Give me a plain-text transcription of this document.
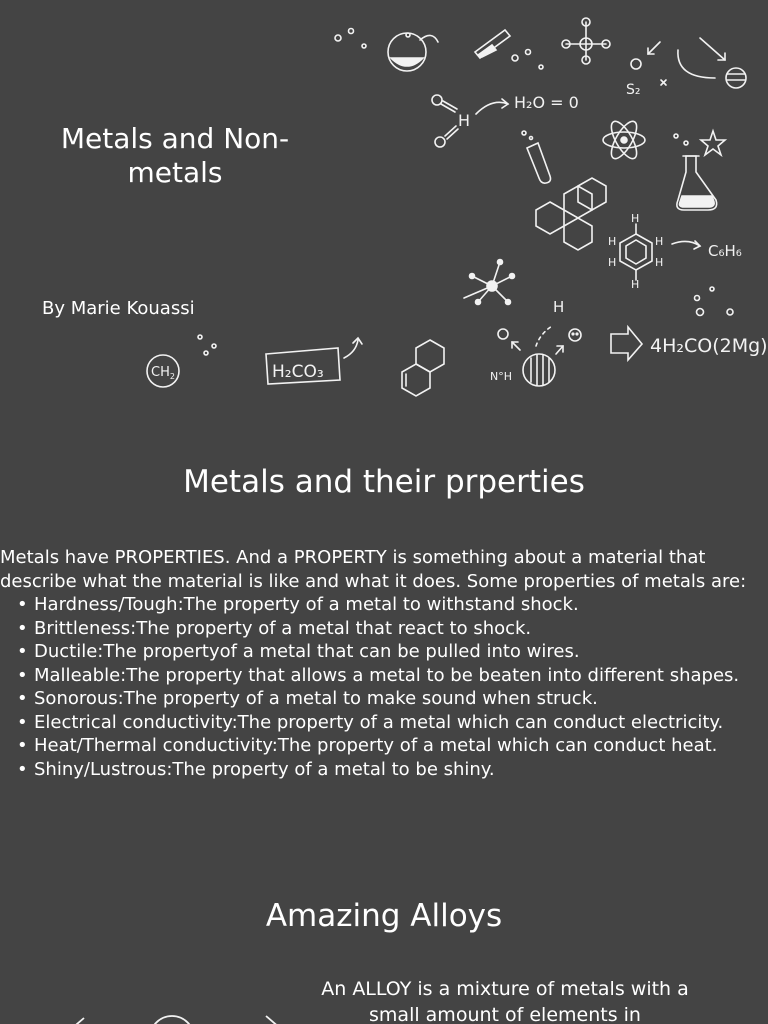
Metals and Non-metals
By Marie Kouassi
S₂
H
H₂O = 0
H
H
H	H
H	H
C₆H₆
H
N°H
$CH_2$	H₂CO₃
4H₂CO(2Mg)
Metals and their prperties

Metals have PROPERTIES. And a PROPERTY is something about a material that describe what the material is like and what it does. Some properties of metals are:

• Hardness/Tough:The property of a metal to withstand shock.
• Brittleness:The property of a metal that react to shock.
• Ductile:The propertyof a metal that can be pulled into wires.
• Malleable:The property that allows a metal to be beaten into different shapes.
• Sonorous:The property of a metal to make sound when struck.
• Electrical conductivity:The property of a metal which can conduct electricity.
• Heat/Thermal conductivity:The property of a metal which can conduct heat.
• Shiny/Lustrous:The property of a metal to be shiny.
Amazing Alloys
An ALLOY is a mixture of metals with a small amount of elements in
